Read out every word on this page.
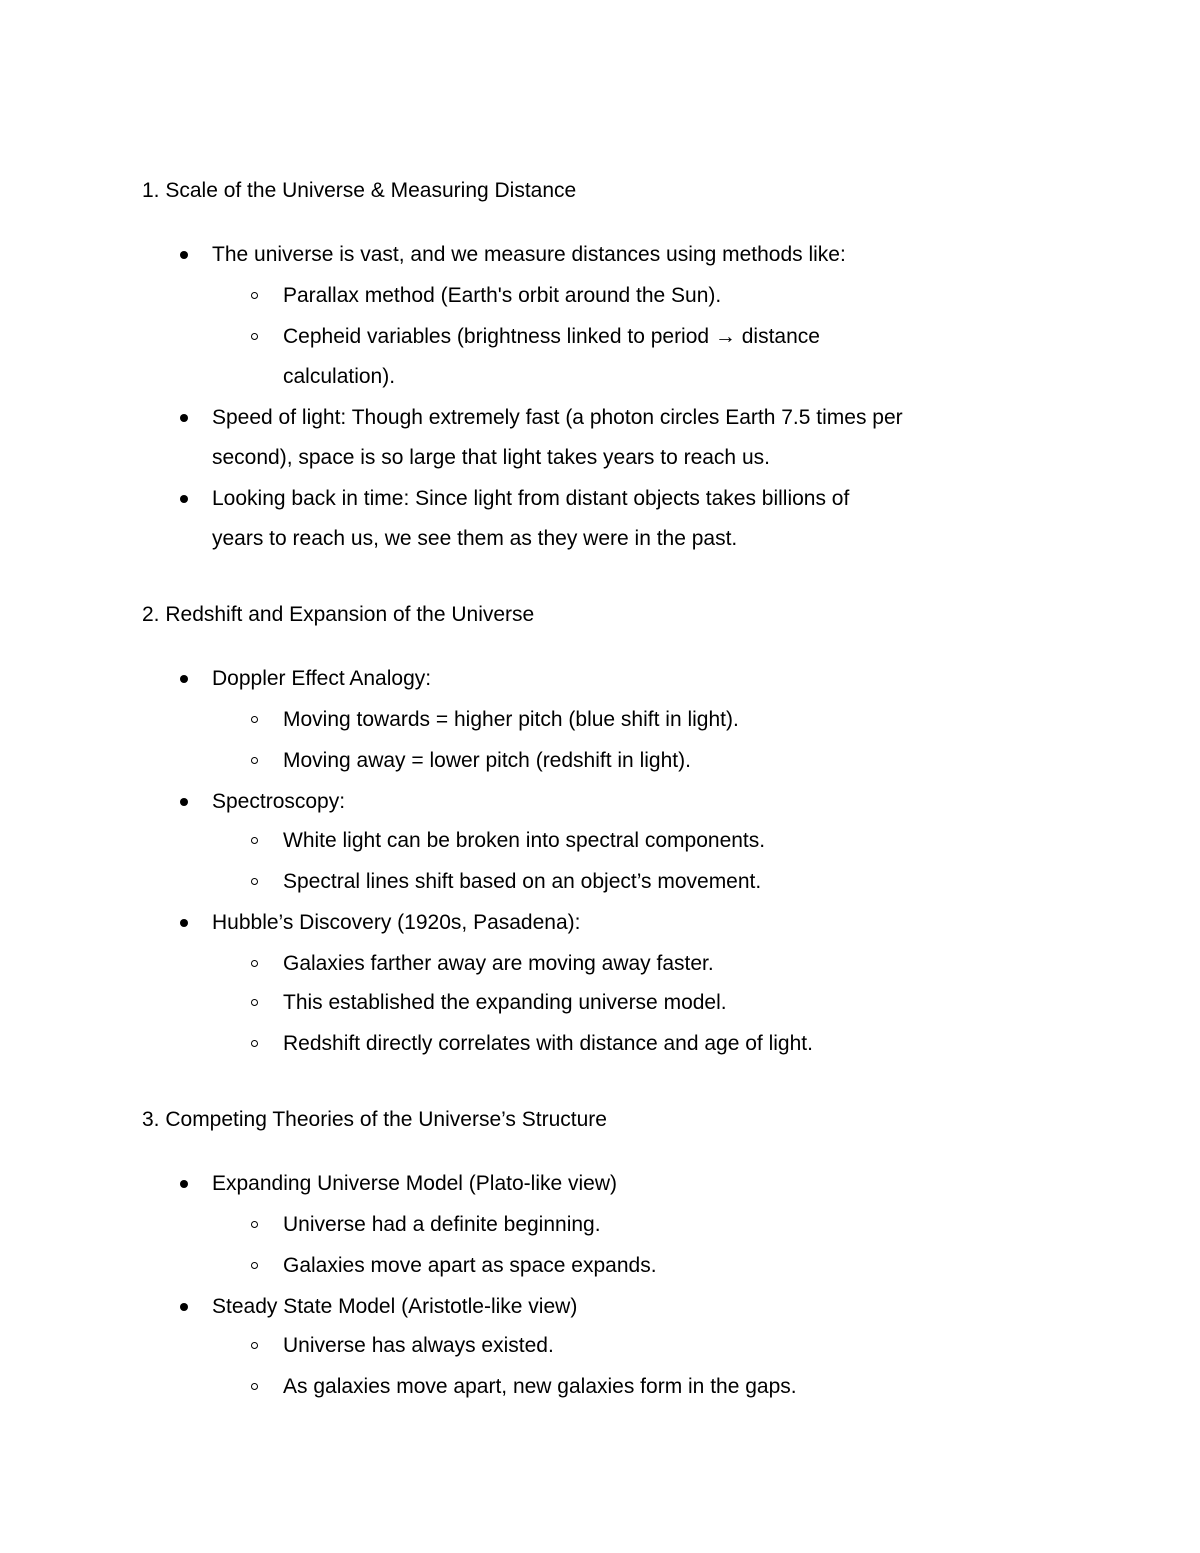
1. Scale of the Universe & Measuring Distance
The universe is vast, and we measure distances using methods like:
Parallax method (Earth's orbit around the Sun).
Cepheid variables (brightness linked to period → distance
calculation).
Speed of light: Though extremely fast (a photon circles Earth 7.5 times per
second), space is so large that light takes years to reach us.
Looking back in time: Since light from distant objects takes billions of
years to reach us, we see them as they were in the past.
2. Redshift and Expansion of the Universe
Doppler Effect Analogy:
Moving towards = higher pitch (blue shift in light).
Moving away = lower pitch (redshift in light).
Spectroscopy:
White light can be broken into spectral components.
Spectral lines shift based on an object’s movement.
Hubble’s Discovery (1920s, Pasadena):
Galaxies farther away are moving away faster.
This established the expanding universe model.
Redshift directly correlates with distance and age of light.
3. Competing Theories of the Universe’s Structure
Expanding Universe Model (Plato-like view)
Universe had a definite beginning.
Galaxies move apart as space expands.
Steady State Model (Aristotle-like view)
Universe has always existed.
As galaxies move apart, new galaxies form in the gaps.
